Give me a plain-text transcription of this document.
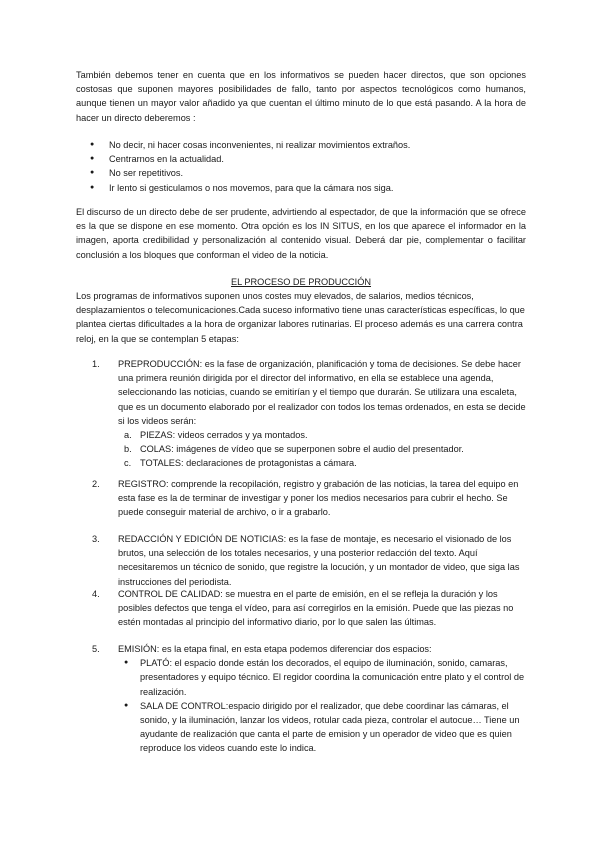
También debemos tener en cuenta que en los informativos se pueden hacer directos, que son opciones costosas que suponen mayores posibilidades de fallo, tanto por aspectos tecnológicos como humanos, aunque tienen un mayor valor añadido ya que cuentan el último minuto de lo que está pasando. A la hora de hacer un directo deberemos :

● No decir, ni hacer cosas inconvenientes, ni realizar movimientos extraños.
● Centrarnos en la actualidad.
● No ser repetitivos.
● Ir lento si gesticulamos o nos movemos, para que la cámara nos siga.

El discurso de un directo debe de ser prudente, advirtiendo al espectador, de que la información que se ofrece es la que se dispone en ese momento. Otra opción es los IN SITUS, en los que aparece el informador en la imagen, aporta credibilidad y personalización al contenido visual. Deberá dar pie, complementar o facilitar conclusión a los bloques que conforman el video de la noticia.

EL PROCESO DE PRODUCCIÓN

Los programas de informativos suponen unos costes muy elevados, de salarios, medios técnicos, desplazamientos o telecomunicaciones.Cada suceso informativo tiene unas características específicas, lo que plantea ciertas dificultades a la hora de organizar labores rutinarias. El proceso además es una carrera contra reloj, en la que se contemplan 5 etapas:

1. PREPRODUCCIÓN: es la fase de organización, planificación y toma de decisiones. Se debe hacer una primera reunión dirigida por el director del informativo, en ella se establece una agenda, seleccionando las noticias, cuando se emitirían y el tiempo que durarán. Se utilizara una escaleta, que es un documento elaborado por el realizador con todos los temas ordenados, en esta se decide si los videos serán:

a. PIEZAS: videos cerrados y ya montados.
b. COLAS: imágenes de vídeo que se superponen sobre el audio del presentador.
c. TOTALES: declaraciones de protagonistas a cámara.
2. REGISTRO: comprende la recopilación, registro y grabación de las noticias, la tarea del equipo en esta fase es la de terminar de investigar y poner los medios necesarios para cubrir el hecho. Se puede conseguir material de archivo, o ir a grabarlo.

3. REDACCIÓN Y EDICIÓN DE NOTICIAS: es la fase de montaje, es necesario el visionado de los brutos, una selección de los totales necesarios, y una posterior redacción del texto. Aquí necesitaremos un técnico de sonido, que registre la locución, y un montador de video, que siga las instrucciones del periodista.

4. CONTROL DE CALIDAD: se muestra en el parte de emisión, en el se refleja la duración y los posibles defectos que tenga el vídeo, para así corregirlos en la emisión. Puede que las piezas no estén montadas al principio del informativo diario, por lo que salen las últimas.

5. EMISIÓN: es la etapa final, en esta etapa podemos diferenciar dos espacios:

● PLATÓ: el espacio donde están los decorados, el equipo de iluminación, sonido, camaras, presentadores y equipo técnico. El regidor coordina la comunicación entre plato y el control de realización.
● SALA DE CONTROL:espacio dirigido por el realizador, que debe coordinar las cámaras, el sonido, y la iluminación, lanzar los videos, rotular cada pieza, controlar el autocue… Tiene un ayudante de realización que canta el parte de emision y un operador de video que es quien reproduce los videos cuando este lo indica.
